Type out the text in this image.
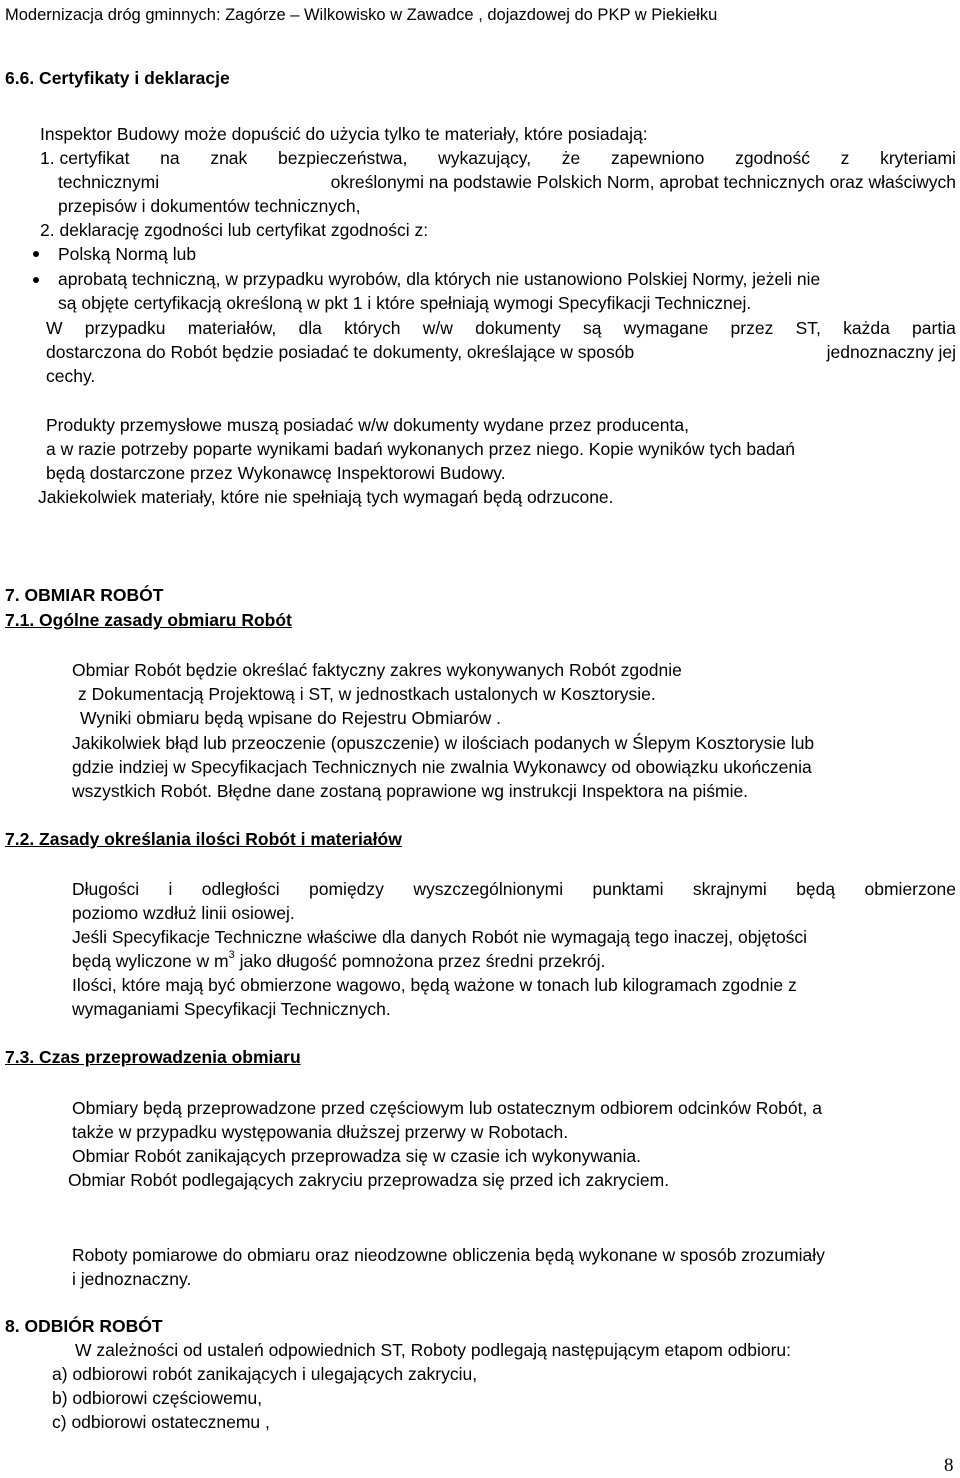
Modernizacja dróg gminnych: Zagórze – Wilkowisko w Zawadce , dojazdowej do PKP w Piekiełku
6.6. Certyfikaty i deklaracje
Inspektor Budowy może dopuścić do użycia tylko te materiały, które posiadają:
1. certyfikat na znak bezpieczeństwa, wykazujący, że zapewniono zgodność z kryteriami
technicznymi	określonymi na podstawie Polskich Norm, aprobat technicznych oraz właściwych
przepisów i dokumentów technicznych,
2. deklarację zgodności lub certyfikat zgodności z:
Polską Normą lub
aprobatą techniczną, w przypadku wyrobów, dla których nie ustanowiono Polskiej Normy, jeżeli nie
są objęte certyfikacją określoną w pkt 1 i które spełniają wymogi Specyfikacji Technicznej.
W przypadku materiałów, dla których w/w dokumenty są wymagane przez ST, każda partia
dostarczona do Robót będzie posiadać te dokumenty, określające w sposób	jednoznaczny jej
cechy.
Produkty przemysłowe muszą posiadać w/w dokumenty wydane przez producenta,
a w razie potrzeby poparte wynikami badań wykonanych przez niego. Kopie wyników tych badań
będą dostarczone przez Wykonawcę Inspektorowi Budowy.
Jakiekolwiek materiały, które nie spełniają tych wymagań będą odrzucone.
7. OBMIAR ROBÓT
7.1. Ogólne zasady obmiaru Robót
Obmiar Robót będzie określać faktyczny zakres wykonywanych Robót zgodnie
z Dokumentacją Projektową i ST, w jednostkach ustalonych w Kosztorysie.
Wyniki obmiaru będą wpisane do Rejestru Obmiarów .
Jakikolwiek błąd lub przeoczenie (opuszczenie) w ilościach podanych w Ślepym Kosztorysie lub
gdzie indziej w Specyfikacjach Technicznych nie zwalnia Wykonawcy od obowiązku ukończenia
wszystkich Robót. Błędne dane zostaną poprawione wg instrukcji Inspektora na piśmie.
7.2. Zasady określania ilości Robót i materiałów
Długości i odległości pomiędzy wyszczególnionymi punktami skrajnymi będą obmierzone
poziomo wzdłuż linii osiowej.
Jeśli Specyfikacje Techniczne właściwe dla danych Robót nie wymagają tego inaczej, objętości
będą wyliczone w $m^3$ jako długość pomnożona przez średni przekrój.
Ilości, które mają być obmierzone wagowo, będą ważone w tonach lub kilogramach zgodnie z
wymaganiami Specyfikacji Technicznych.
7.3. Czas przeprowadzenia obmiaru
Obmiary będą przeprowadzone przed częściowym lub ostatecznym odbiorem odcinków Robót, a
także w przypadku występowania dłuższej przerwy w Robotach.
Obmiar Robót zanikających przeprowadza się w czasie ich wykonywania.
Obmiar Robót podlegających zakryciu przeprowadza się przed ich zakryciem.
Roboty pomiarowe do obmiaru oraz nieodzowne obliczenia będą wykonane w sposób zrozumiały
i jednoznaczny.
8. ODBIÓR ROBÓT
W zależności od ustaleń odpowiednich ST, Roboty podlegają następującym etapom odbioru:
a) odbiorowi robót zanikających i ulegających zakryciu,
b) odbiorowi częściowemu,
c) odbiorowi ostatecznemu ,
8
